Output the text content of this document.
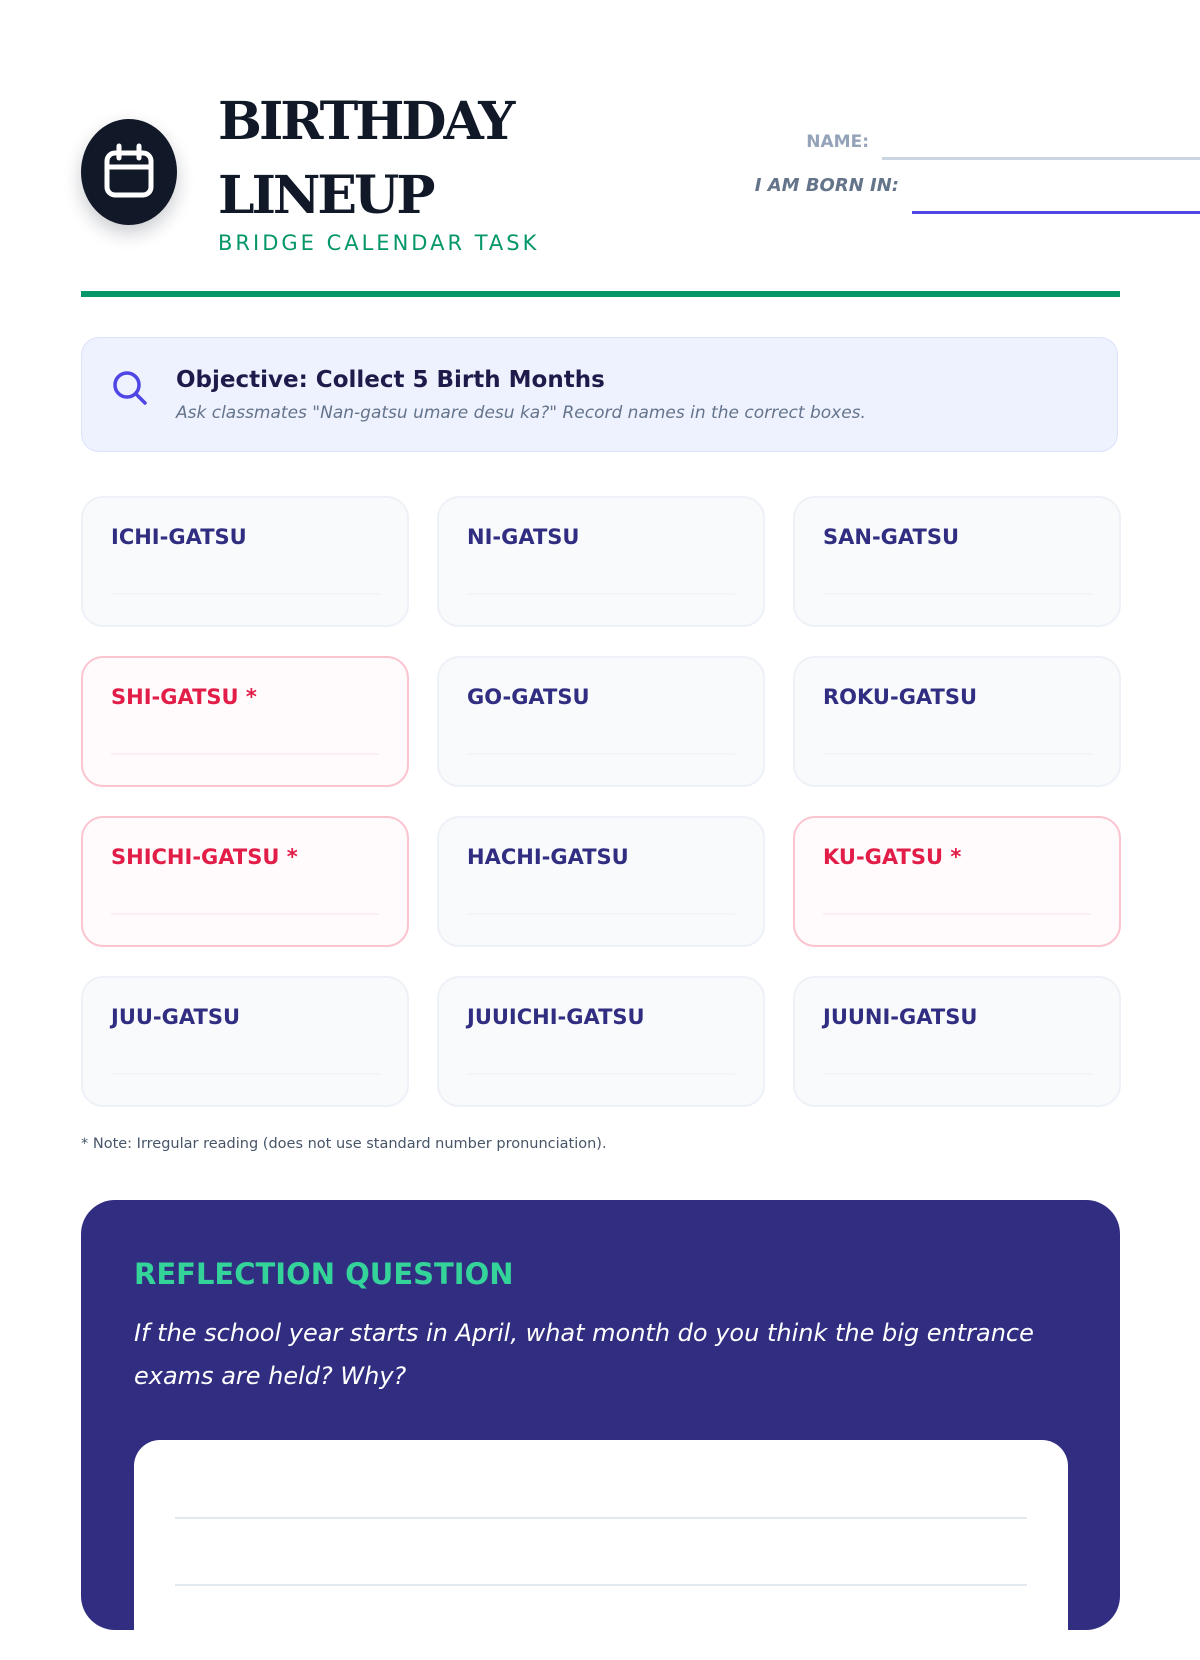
BIRTHDAY
LINEUP

BRIDGE CALENDAR TASK

NAME:
I AM BORN IN:

Objective: Collect 5 Birth Months

Ask classmates "Nan-gatsu umare desu ka?" Record names in the correct boxes.

ICHI-GATSU	NI-GATSU	SAN-GATSU

SHI-GATSU *	GO-GATSU	ROKU-GATSU

SHICHI-GATSU *	HACHI-GATSU	KU-GATSU *

JUU-GATSU	JUUICHI-GATSU	JUUNI-GATSU

* Note: Irregular reading (does not use standard number pronunciation).

REFLECTION QUESTION

If the school year starts in April, what month do you think the big entrance exams are held? Why?
